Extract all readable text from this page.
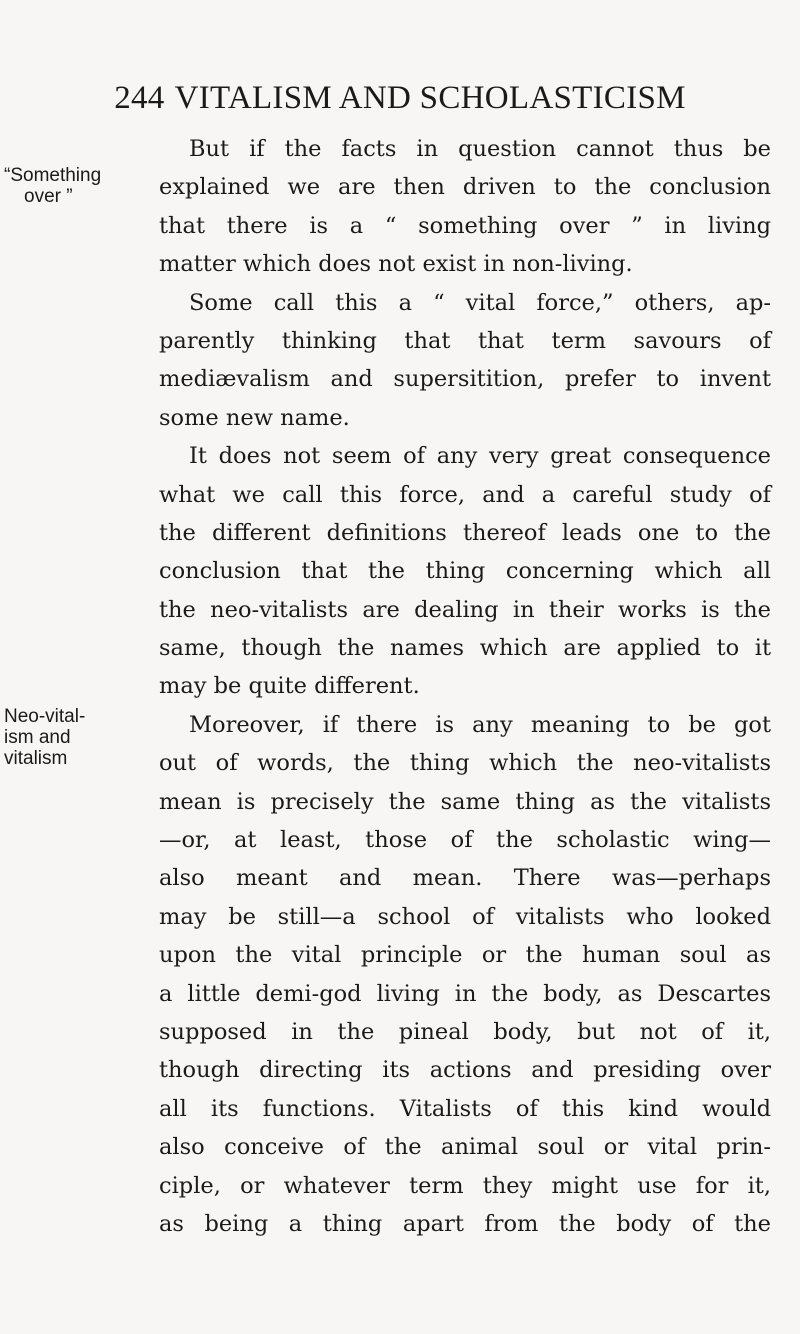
244 VITALISM AND SCHOLASTICISM
“Something
over ”
Neo-vital-
ism and
vitalism
But if the facts in question cannot thus be
explained we are then driven to the conclusion
that there is a “ something over ” in living
matter which does not exist in non-living.
Some call this a “ vital force,” others, ap-
parently thinking that that term savours of
mediævalism and supersitition, prefer to invent
some new name.
It does not seem of any very great consequence
what we call this force, and a careful study of
the different definitions thereof leads one to the
conclusion that the thing concerning which all
the neo-vitalists are dealing in their works is the
same, though the names which are applied to it
may be quite different.
Moreover, if there is any meaning to be got
out of words, the thing which the neo-vitalists
mean is precisely the same thing as the vitalists
—or, at least, those of the scholastic wing—
also meant and mean. There was—perhaps
may be still—a school of vitalists who looked
upon the vital principle or the human soul as
a little demi-god living in the body, as Descartes
supposed in the pineal body, but not of it,
though directing its actions and presiding over
all its functions. Vitalists of this kind would
also conceive of the animal soul or vital prin-
ciple, or whatever term they might use for it,
as being a thing apart from the body of the
